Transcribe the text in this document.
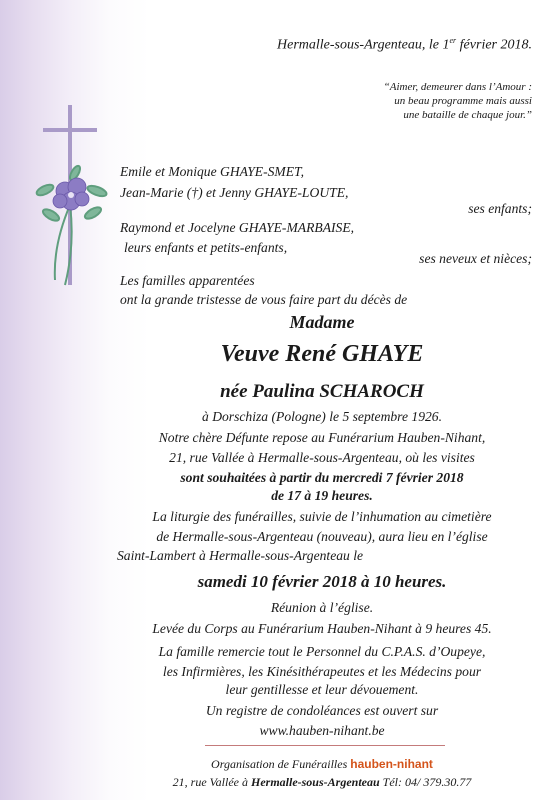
Hermalle-sous-Argenteau, le 1er février 2018.
“Aimer, demeurer dans l’Amour :
un beau programme mais aussi
une bataille de chaque jour.”
Emile et Monique GHAYE-SMET,
Jean-Marie (†) et Jenny GHAYE-LOUTE,
ses enfants;
Raymond et Jocelyne GHAYE-MARBAISE,
leurs enfants et petits-enfants,
ses neveux et nièces;
Les familles apparentées
ont la grande tristesse de vous faire part du décès de
Madame
Veuve René GHAYE
née Paulina SCHAROCH
à Dorschiza (Pologne) le 5 septembre 1926.
Notre chère Défunte repose au Funérarium Hauben-Nihant,
21, rue Vallée à Hermalle-sous-Argenteau, où les visites
sont souhaitées à partir du mercredi 7 février 2018
de 17 à 19 heures.
La liturgie des funérailles, suivie de l’inhumation au cimetière
de Hermalle-sous-Argenteau (nouveau), aura lieu en l’église
Saint-Lambert à Hermalle-sous-Argenteau le
samedi 10 février 2018 à 10 heures.
Réunion à l’église.
Levée du Corps au Funérarium Hauben-Nihant à 9 heures 45.
La famille remercie tout le Personnel du C.P.A.S. d’Oupeye,
les Infirmières, les Kinésithérapeutes et les Médecins pour
leur gentillesse et leur dévouement.
Un registre de condoléances est ouvert sur
www.hauben-nihant.be
Organisation de Funérailles hauben-nihant
21, rue Vallée à Hermalle-sous-Argenteau Tél: 04/ 379.30.77
